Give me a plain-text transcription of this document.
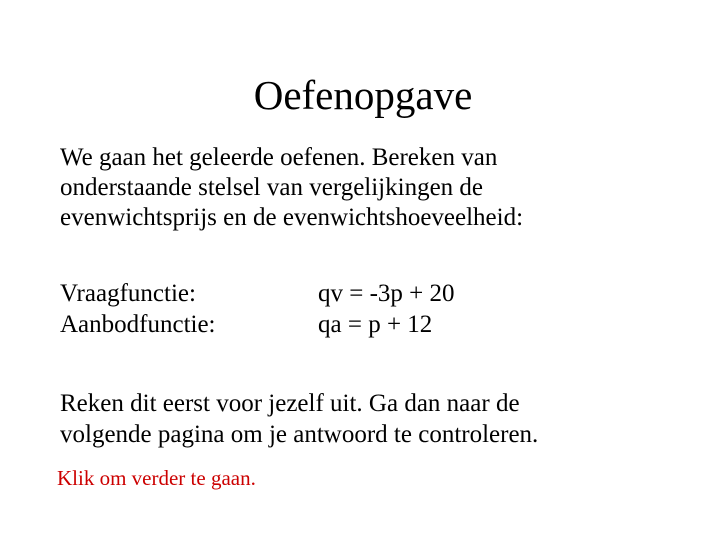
Oefenopgave

We gaan het geleerde oefenen. Bereken van
onderstaande stelsel van vergelijkingen de
evenwichtsprijs en de evenwichtshoeveelheid:

Vraagfunctie:	qv = -3p + 20
Aanbodfunctie:	qa = p + 12

Reken dit eerst voor jezelf uit. Ga dan naar de
volgende pagina om je antwoord te controleren.

Klik om verder te gaan.
